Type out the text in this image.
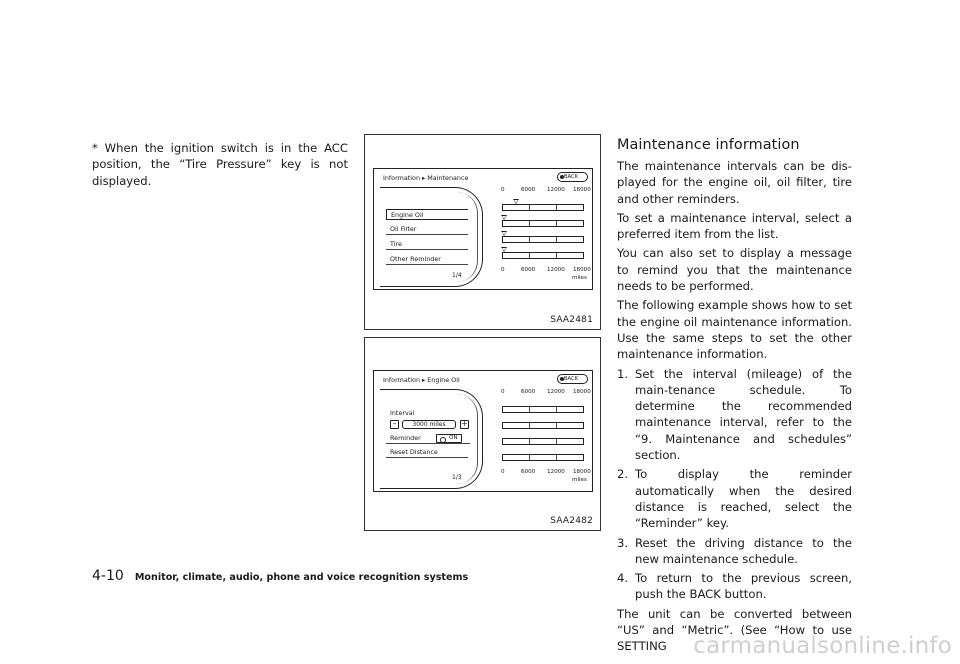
* When the ignition switch is in the ACC position, the “Tire Pressure” key is not displayed.	Information ▸ Maintenance	BACK
Engine Oil
Oil Filter
Tire
Other Reminder
1/4
0	6000 12000 18000
0	6000 12000 18000
miles
SAA2481
Information ▸ Engine Oil	BACK
Interval
–	3000 miles	+
Reminder	ON
Reset Distance
1/3
0	6000 12000 18000
0	6000 12000 18000
miles
SAA2482
Maintenance information

The maintenance intervals can be dis-played for the engine oil, oil filter, tire and other reminders.

To set a maintenance interval, select a preferred item from the list.

You can also set to display a message to remind you that the maintenance needs to be performed.

The following example shows how to set the engine oil maintenance information. Use the same steps to set the other maintenance information.

1. Set the interval (mileage) of the main-tenance schedule. To determine the recommended maintenance interval, refer to the “9. Maintenance and schedules” section.
2. To display the reminder automatically when the desired distance is reached, select the “Reminder” key.
3. Reset the driving distance to the new maintenance schedule.
4. To return to the previous screen, push the BACK button.

The unit can be converted between “US” and “Metric”. (See “How to use SETTING

4-10 Monitor, climate, audio, phone and voice recognition systems
carmanualsonline.info
